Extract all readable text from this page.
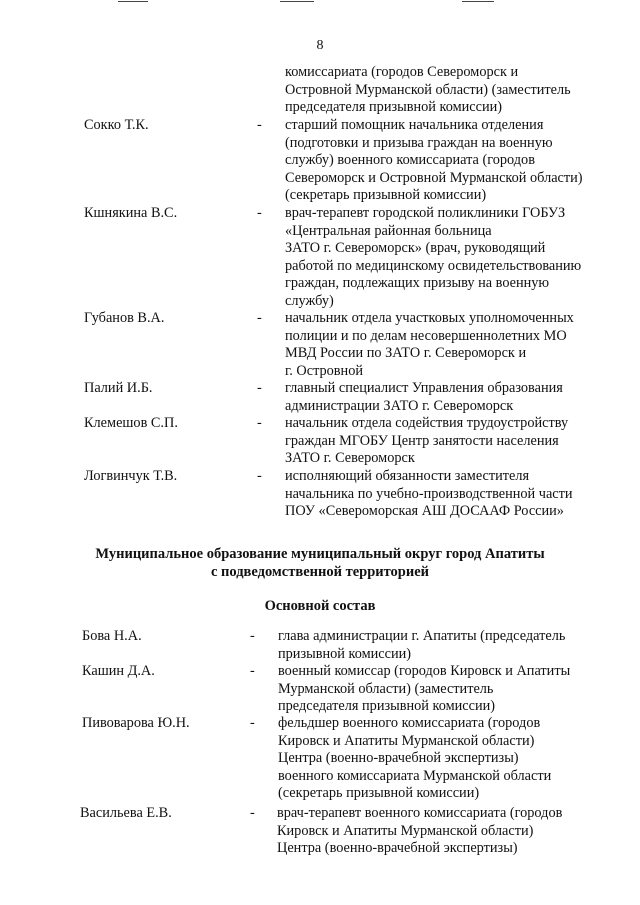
8
комиссариата (городов Североморск и
Островной Мурманской области) (заместитель
председателя призывной комиссии)
Сокко Т.К.	- старший помощник начальника отделения
(подготовки и призыва граждан на военную
службу) военного комиссариата (городов
Североморск и Островной Мурманской области)
(секретарь призывной комиссии)
Кшнякина В.С.	- врач-терапевт городской поликлиники ГОБУЗ
«Центральная районная больница
ЗАТО г. Североморск» (врач, руководящий
работой по медицинскому освидетельствованию
граждан, подлежащих призыву на военную
службу)
Губанов В.А.	- начальник отдела участковых уполномоченных
полиции и по делам несовершеннолетних МО
МВД России по ЗАТО г. Североморск и
г. Островной
Палий И.Б.	- главный специалист Управления образования
администрации ЗАТО г. Североморск
Клемешов С.П.	- начальник отдела содействия трудоустройству
граждан МГОБУ Центр занятости населения
ЗАТО г. Североморск
Логвинчук Т.В.	- исполняющий обязанности заместителя
начальника по учебно-производственной части
ПОУ «Североморская АШ ДОСААФ России»
Муниципальное образование муниципальный округ город Апатиты
с подведомственной территорией
Основной состав
Бова Н.А.	- глава администрации г. Апатиты (председатель
призывной комиссии)
Кашин Д.А.	- военный комиссар (городов Кировск и Апатиты
Мурманской области) (заместитель
председателя призывной комиссии)
Пивоварова Ю.Н.	- фельдшер военного комиссариата (городов
Кировск и Апатиты Мурманской области)
Центра (военно-врачебной экспертизы)
военного комиссариата Мурманской области
(секретарь призывной комиссии)
Васильева Е.В.	- врач-терапевт военного комиссариата (городов
Кировск и Апатиты Мурманской области)
Центра (военно-врачебной экспертизы)
